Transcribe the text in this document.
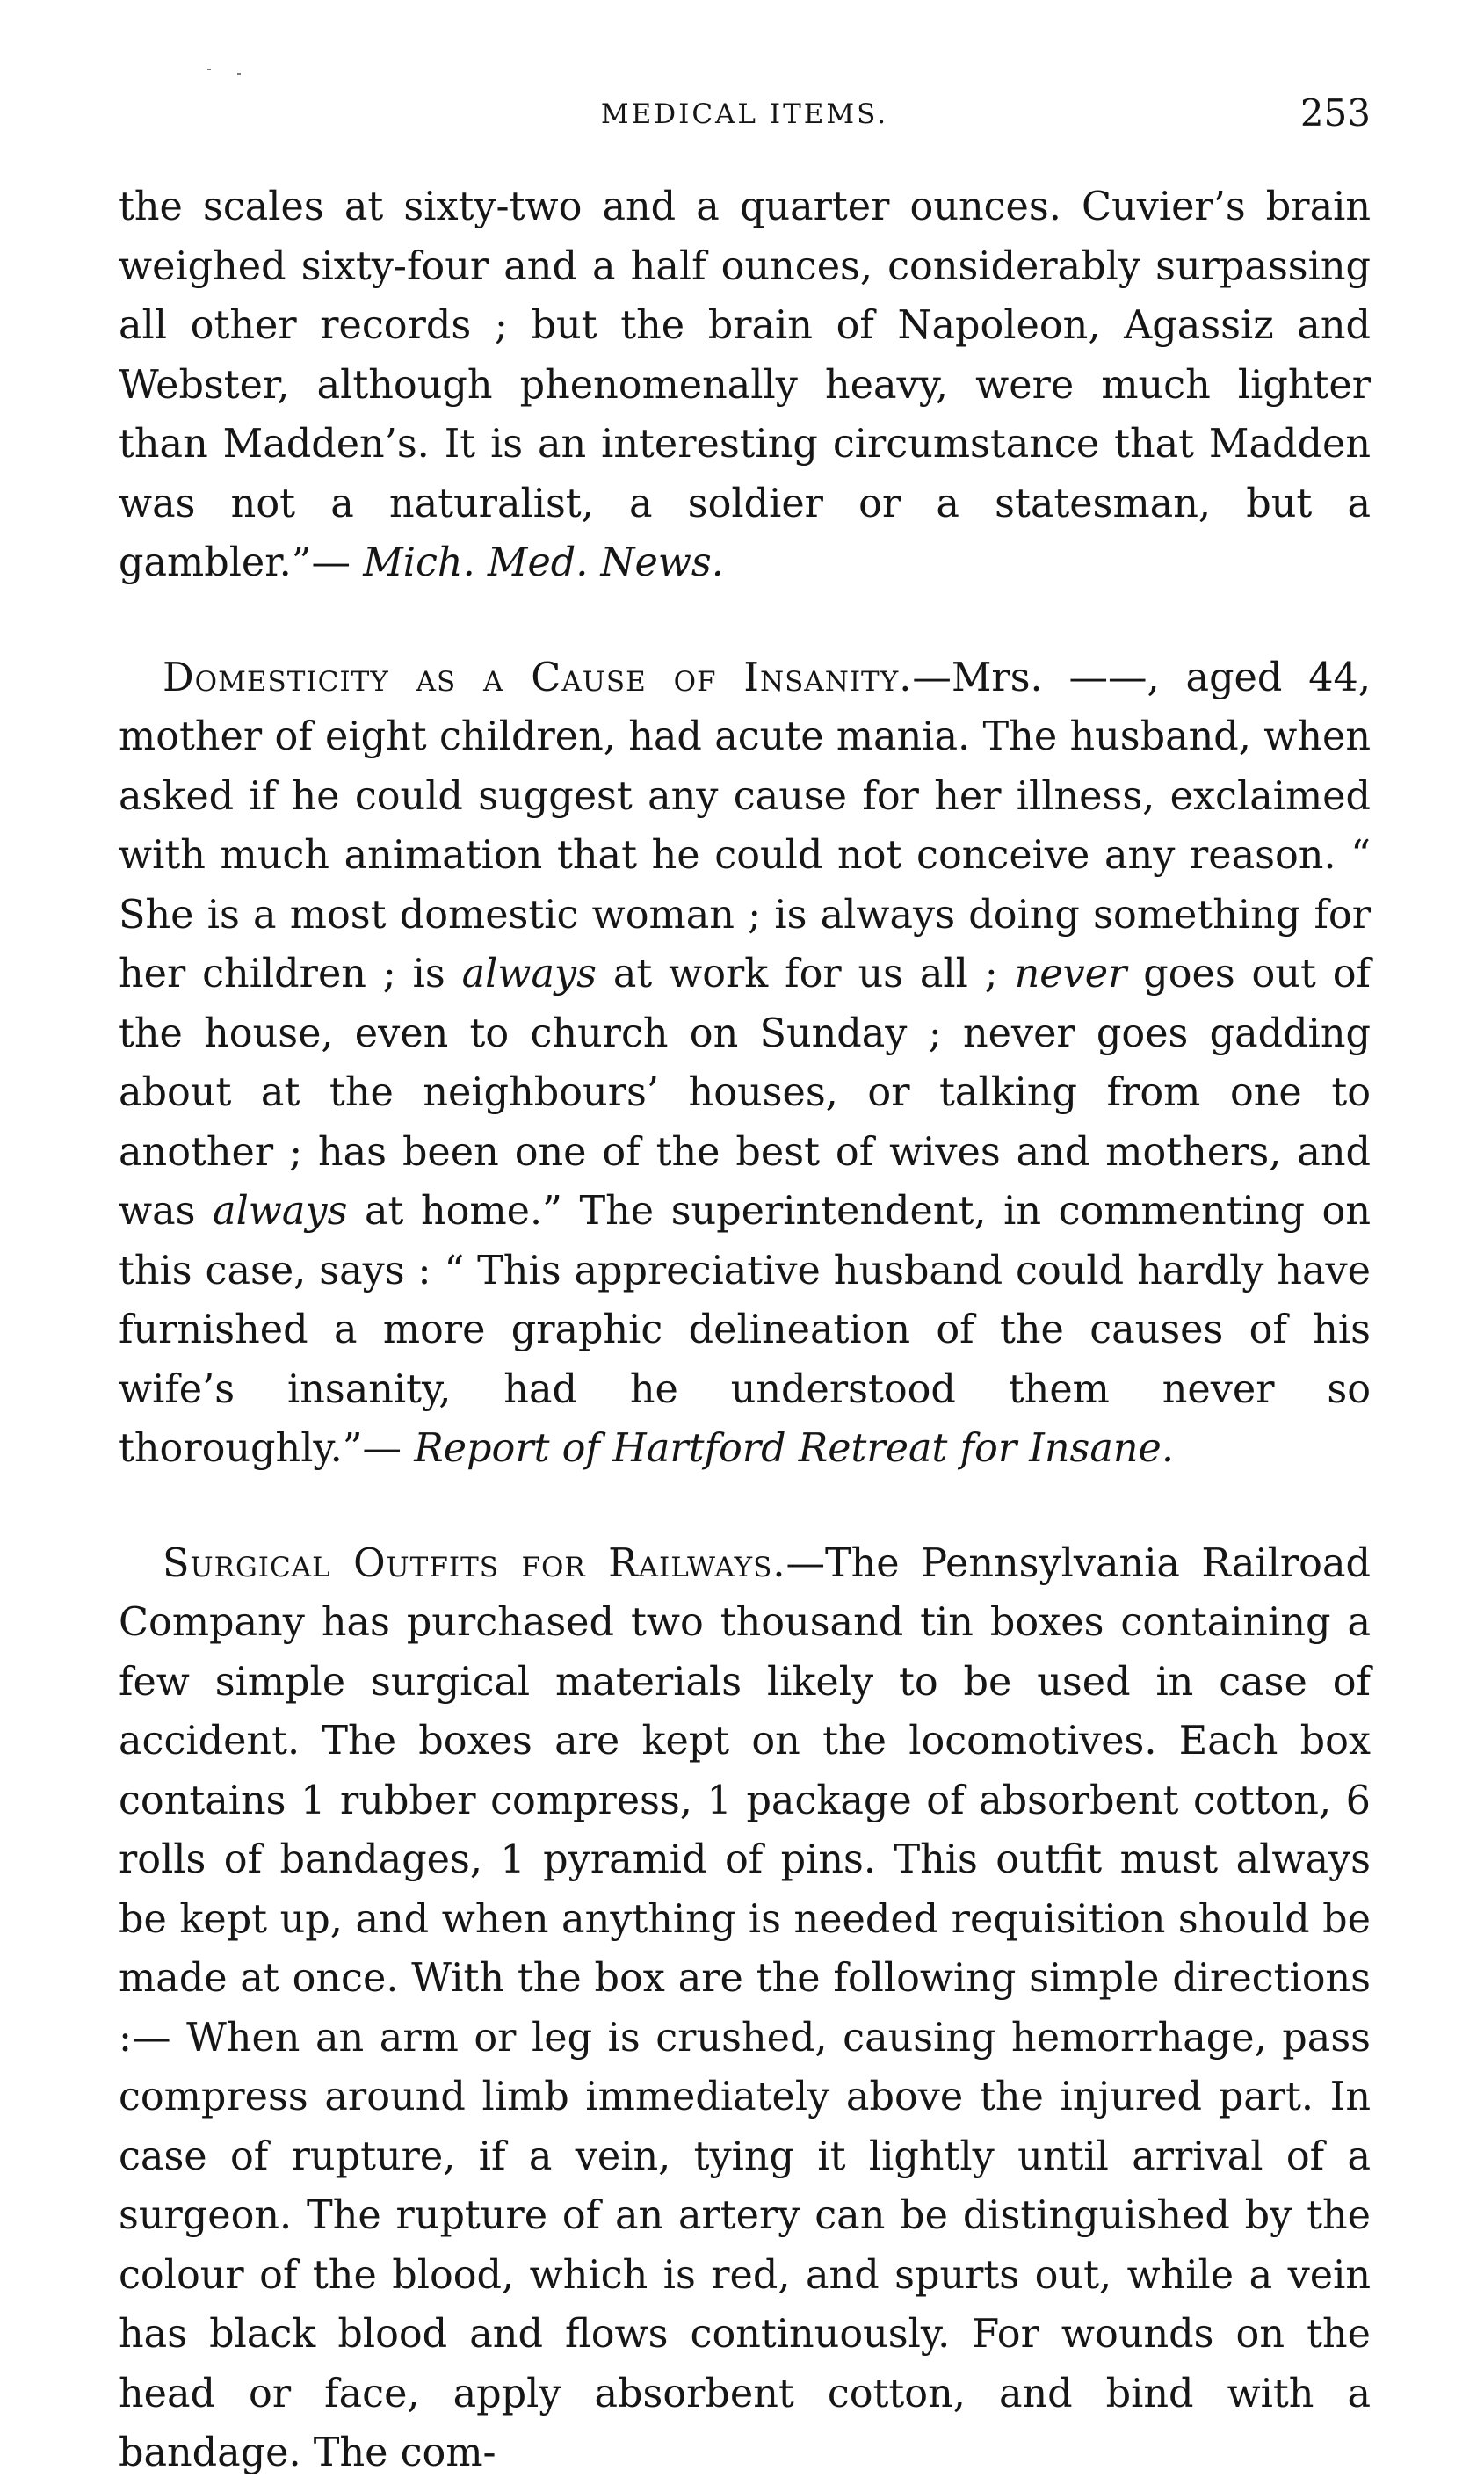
MEDICAL ITEMS.	253

the scales at sixty-two and a quarter ounces. Cuvier’s brain weighed sixty-four and a half ounces, considerably surpassing all other records ; but the brain of Napoleon, Agassiz and Webster, although phenomenally heavy, were much lighter than Madden’s. It is an interesting circumstance that Madden was not a naturalist, a soldier or a statesman, but a gambler.”— Mich. Med. News.

Domesticity as a Cause of Insanity.—Mrs. ——, aged 44, mother of eight children, had acute mania. The husband, when asked if he could suggest any cause for her illness, exclaimed with much animation that he could not conceive any reason. “ She is a most domestic woman ; is always doing something for her children ; is always at work for us all ; never goes out of the house, even to church on Sunday ; never goes gadding about at the neighbours’ houses, or talking from one to another ; has been one of the best of wives and mothers, and was always at home.” The superintendent, in commenting on this case, says : “ This appreciative husband could hardly have furnished a more graphic delineation of the causes of his wife’s insanity, had he understood them never so thoroughly.”— Report of Hartford Retreat for Insane.

Surgical Outfits for Railways.—The Pennsylvania Railroad Company has purchased two thousand tin boxes containing a few simple surgical materials likely to be used in case of accident. The boxes are kept on the locomotives. Each box contains 1 rubber compress, 1 package of absorbent cotton, 6 rolls of bandages, 1 pyramid of pins. This outfit must always be kept up, and when anything is needed requisition should be made at once. With the box are the following simple directions :— When an arm or leg is crushed, causing hemorrhage, pass compress around limb immediately above the injured part. In case of rupture, if a vein, tying it lightly until arrival of a surgeon. The rupture of an artery can be distinguished by the colour of the blood, which is red, and spurts out, while a vein has black blood and flows continuously. For wounds on the head or face, apply absorbent cotton, and bind with a bandage. The com-
